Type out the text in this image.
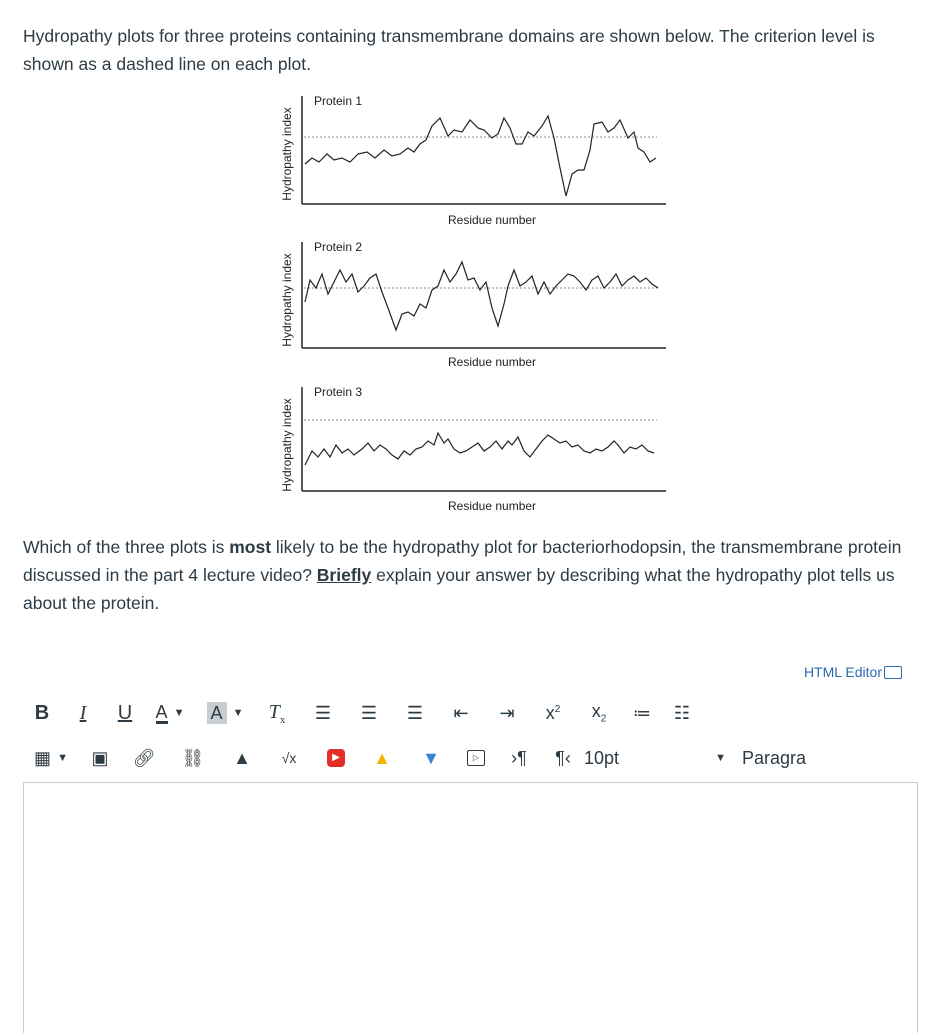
Hydropathy plots for three proteins containing transmembrane domains are shown below. The criterion level is shown as a dashed line on each plot.
Hydropathy index
Protein 1
Residue number
Hydropathy index
Protein 2
Residue number
Hydropathy index
Protein 3
Residue number
Which of the three plots is most likely to be the hydropathy plot for bacteriorhodopsin, the transmembrane protein discussed in the part 4 lecture video? Briefly explain your answer by describing what the hydropathy plot tells us about the protein.
HTML Editor
B I U A ▼ A ▼ $T_x$ ☰ ☰ ☰ ⇤ ⇥ $x^2$ $x_2$ ≔ ☷
▦ ▼ ▣ 🔗︎ ⛓ ▲ √x	▶ ▲ ▼	▷	›¶ ¶‹ 10pt	▼ Paragra
